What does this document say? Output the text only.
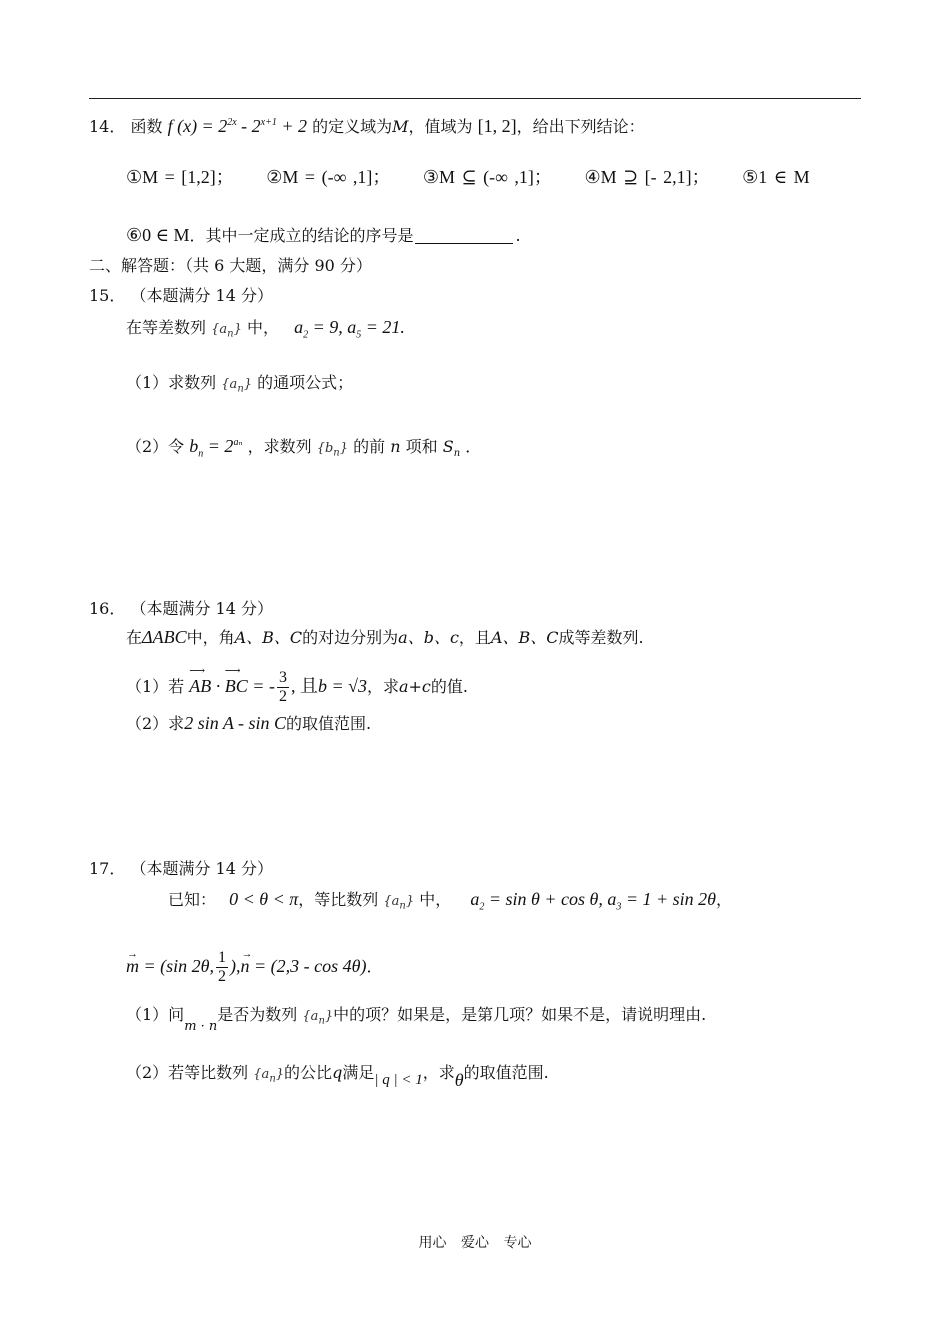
14． 函数 f $(x) = 2^{2x} - 2^{x+1} + 2$ 的定义域为M，值域为 [1, 2]，给出下列结论：
①M = [1,2]； ②M = (-∞ ,1]； ③M ⊆ (-∞ ,1]； ④M ⊇ [- 2,1]； ⑤1 ∈ M
⑥0 ∈ M．其中一定成立的结论的序号是	.
二、解答题：（共 6 大题，满分 90 分）
15． （本题满分 14 分）
在等差数列 $\{a_n\}$ 中， $a_2 = 9$, $a_5 = 21$.
（1）求数列 $\{a_n\}$ 的通项公式；
（2）令 $b_n = 2^{a_n}$ ，求数列 $\{b_n\}$ 的前 n 项和 $S_n$ ．
16． （本题满分 14 分）
在ΔABC中，角A、B、C的对边分别为a、b、c，且A、B、C成等差数列.
（1）若 ⟶ AB · ⟶ BC = - $\frac{3}{2}$ , 且b = √3，求a+c的值.
（2）求2 sin A - sin C的取值范围.
17． （本题满分 14 分）
已知： 0 < θ < π，等比数列 $\{a_n\}$ 中， $a_2 = \sin \theta + \cos \theta$, $a_3 = 1 + \sin 2\theta$，
→ m = (sin 2θ, $\frac{1}{2}$ ),→ n = (2,3 - cos 4θ)．
（1）问$_{m \cdot n}$是否为数列 $\{a_n\}$中的项？如果是，是第几项？如果不是，请说明理由.
（2）若等比数列 $\{a_n\}$的公比q满足| q | < 1，求θ的取值范围.
用心 爱心 专心
